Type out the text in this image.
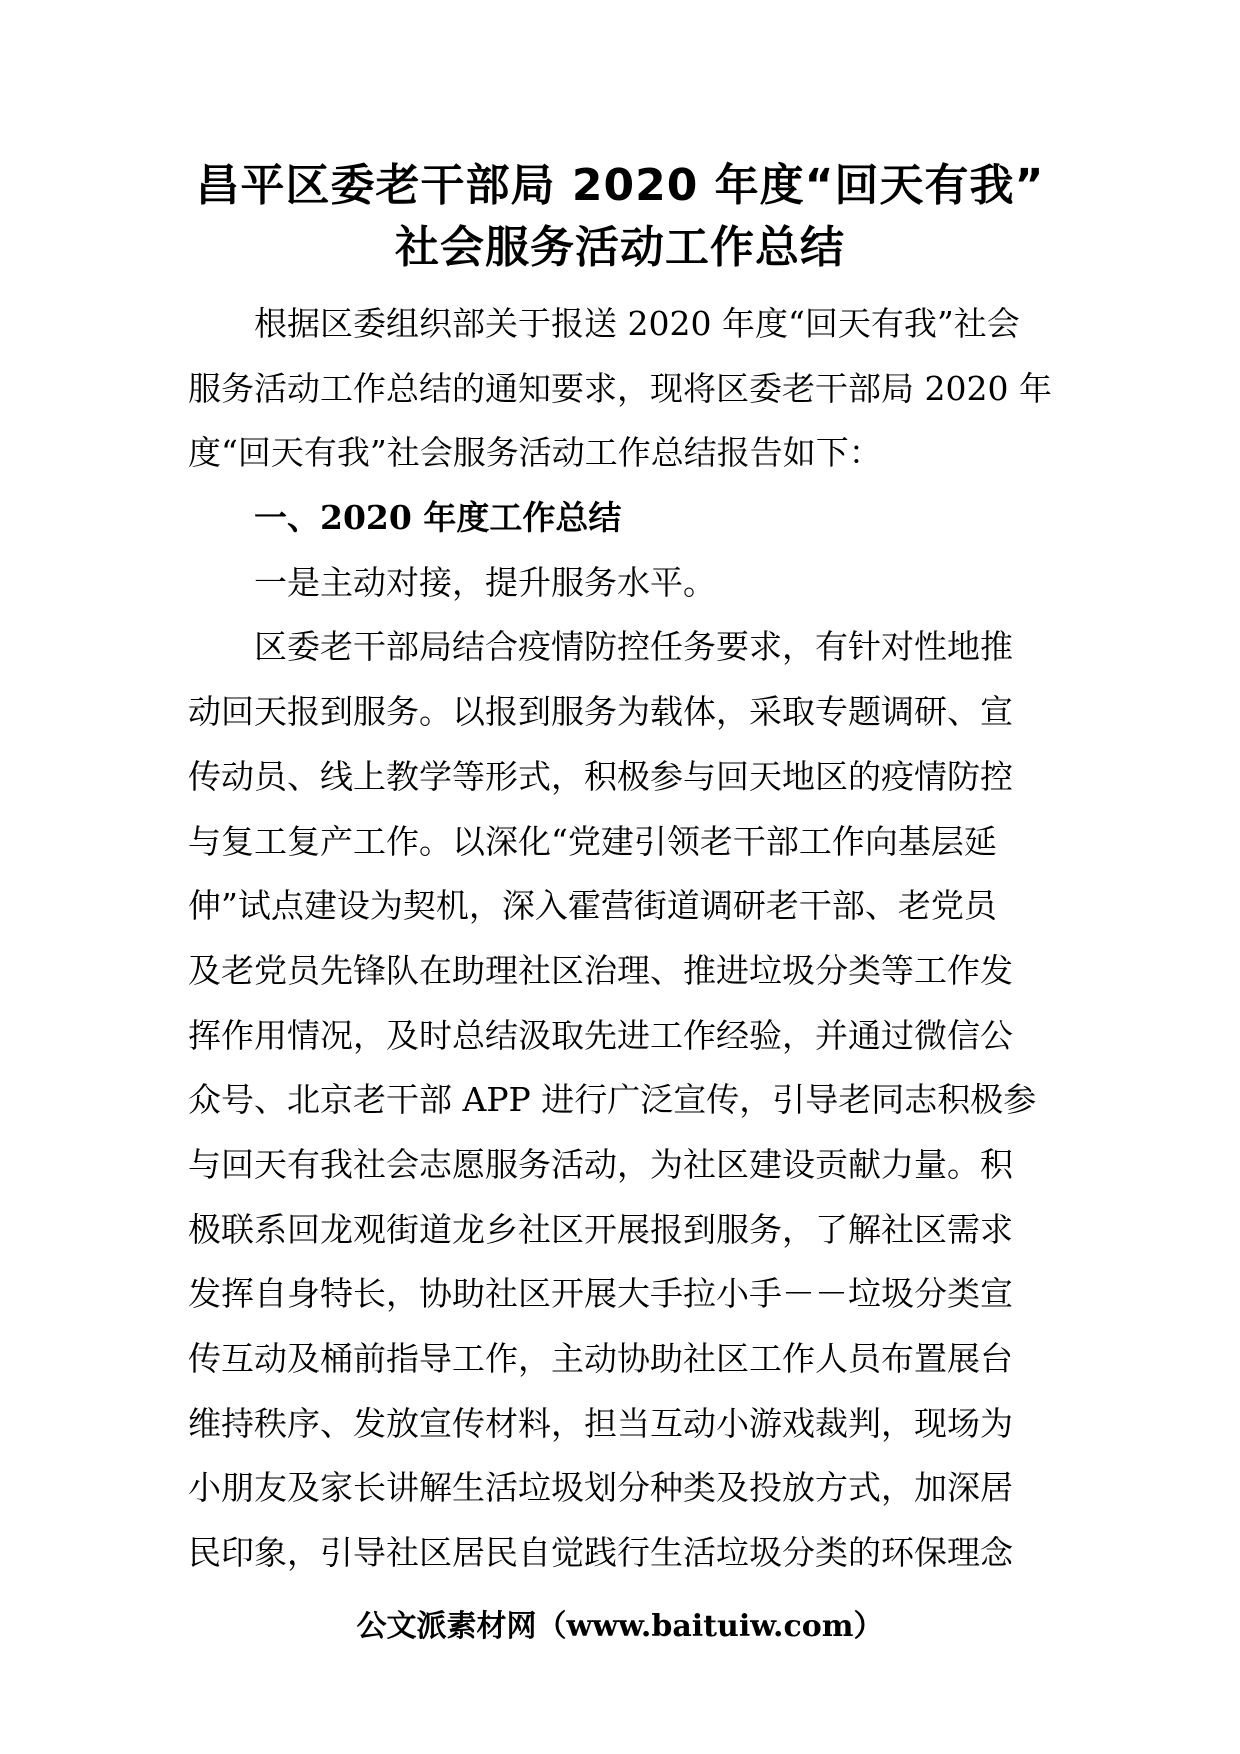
昌平区委老干部局 2020 年度“回天有我”
社会服务活动工作总结
根据区委组织部关于报送 2020 年度“回天有我”社会
服务活动工作总结的通知要求，现将区委老干部局 2020 年
度“回天有我”社会服务活动工作总结报告如下：
一、2020 年度工作总结
一是主动对接，提升服务水平。
区委老干部局结合疫情防控任务要求，有针对性地推
动回天报到服务。以报到服务为载体，采取专题调研、宣
传动员、线上教学等形式，积极参与回天地区的疫情防控
与复工复产工作。以深化“党建引领老干部工作向基层延
伸”试点建设为契机，深入霍营街道调研老干部、老党员
及老党员先锋队在助理社区治理、推进垃圾分类等工作发
挥作用情况，及时总结汲取先进工作经验，并通过微信公
众号、北京老干部 APP 进行广泛宣传，引导老同志积极参
与回天有我社会志愿服务活动，为社区建设贡献力量。积
极联系回龙观街道龙乡社区开展报到服务，了解社区需求
发挥自身特长，协助社区开展大手拉小手－－垃圾分类宣
传互动及桶前指导工作，主动协助社区工作人员布置展台
维持秩序、发放宣传材料，担当互动小游戏裁判，现场为
小朋友及家长讲解生活垃圾划分种类及投放方式，加深居
民印象，引导社区居民自觉践行生活垃圾分类的环保理念
公文派素材网（www.baituiw.com）
